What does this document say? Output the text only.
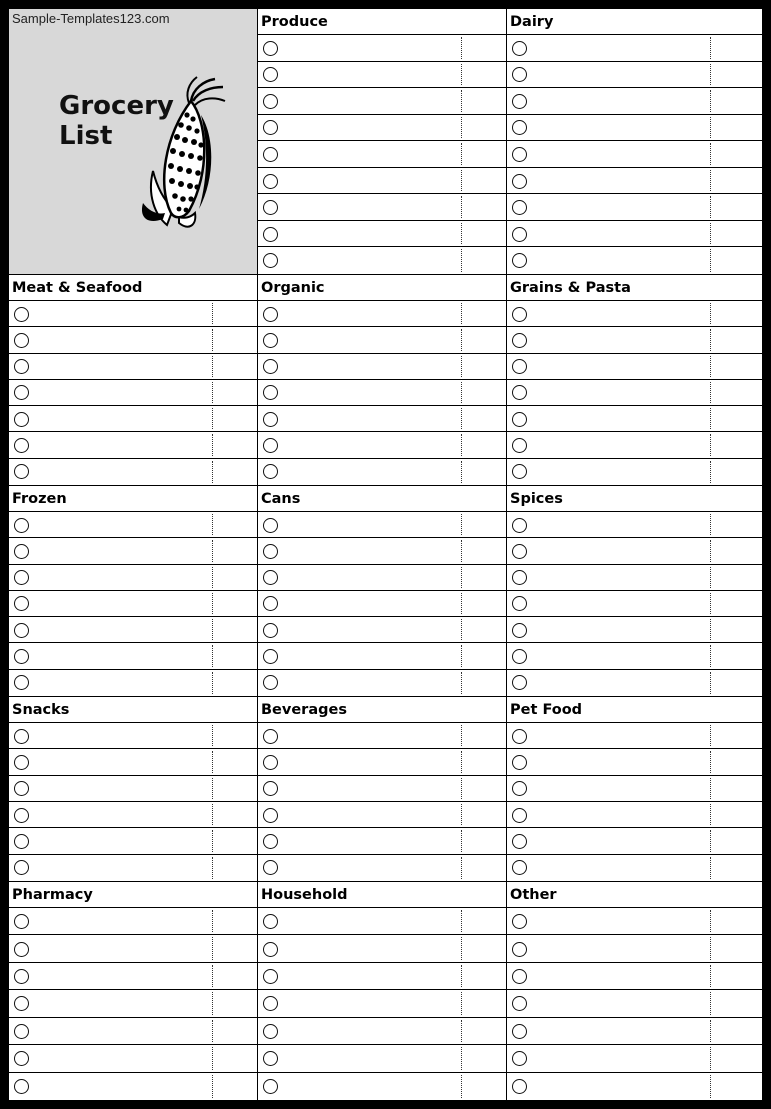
Sample-Templates123.com
Grocery
List
Produce	Dairy
Meat & Seafood	Organic	Grains & Pasta
Frozen	Cans	Spices
Snacks	Beverages	Pet Food
Pharmacy	Household	Other
